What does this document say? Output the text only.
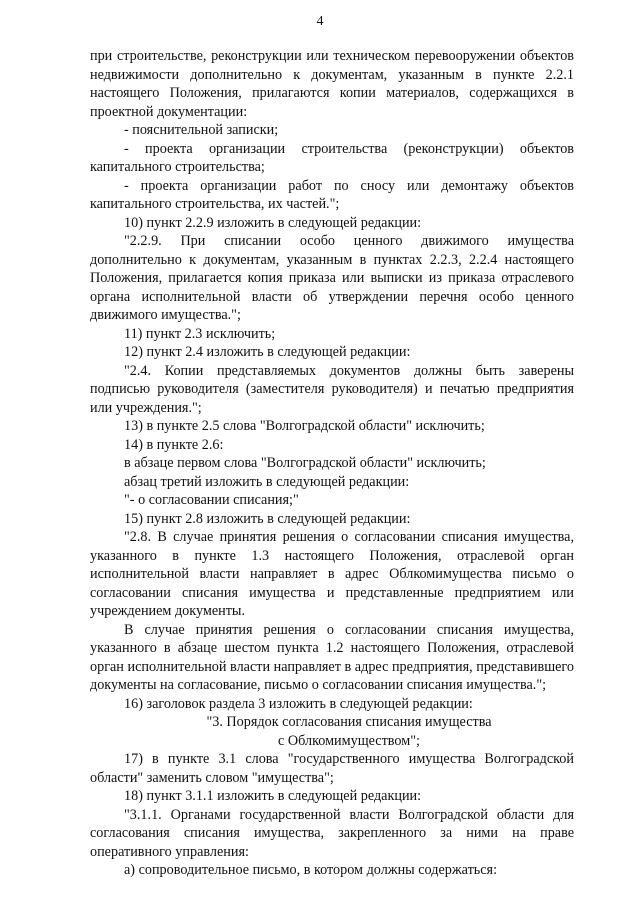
4

при строительстве, реконструкции или техническом перевооружении объектов недвижимости дополнительно к документам, указанным в пункте 2.2.1 настоящего Положения, прилагаются копии материалов, содержащихся в проектной документации:

- пояснительной записки;

- проекта организации строительства (реконструкции) объектов капитального строительства;

- проекта организации работ по сносу или демонтажу объектов капитального строительства, их частей.";

10) пункт 2.2.9 изложить в следующей редакции:

"2.2.9. При списании особо ценного движимого имущества дополнительно к документам, указанным в пунктах 2.2.3, 2.2.4 настоящего Положения, прилагается копия приказа или выписки из приказа отраслевого органа исполнительной власти об утверждении перечня особо ценного движимого имущества.";

11) пункт 2.3 исключить;

12) пункт 2.4 изложить в следующей редакции:

"2.4. Копии представляемых документов должны быть заверены подписью руководителя (заместителя руководителя) и печатью предприятия или учреждения.";

13) в пункте 2.5 слова "Волгоградской области" исключить;

14) в пункте 2.6:

в абзаце первом слова "Волгоградской области" исключить;

абзац третий изложить в следующей редакции:

"- о согласовании списания;"

15) пункт 2.8 изложить в следующей редакции:

"2.8. В случае принятия решения о согласовании списания имущества, указанного в пункте 1.3 настоящего Положения, отраслевой орган исполнительной власти направляет в адрес Облкомимущества письмо о согласовании списания имущества и представленные предприятием или учреждением документы.

В случае принятия решения о согласовании списания имущества, указанного в абзаце шестом пункта 1.2 настоящего Положения, отраслевой орган исполнительной власти направляет в адрес предприятия, представившего документы на согласование, письмо о согласовании списания имущества.";

16) заголовок раздела 3 изложить в следующей редакции:

"3. Порядок согласования списания имущества

с Облкомимуществом";

17) в пункте 3.1 слова "государственного имущества Волгоградской области" заменить словом "имущества";

18) пункт 3.1.1 изложить в следующей редакции:

"3.1.1. Органами государственной власти Волгоградской области для согласования списания имущества, закрепленного за ними на праве оперативного управления:

а) сопроводительное письмо, в котором должны содержаться:
